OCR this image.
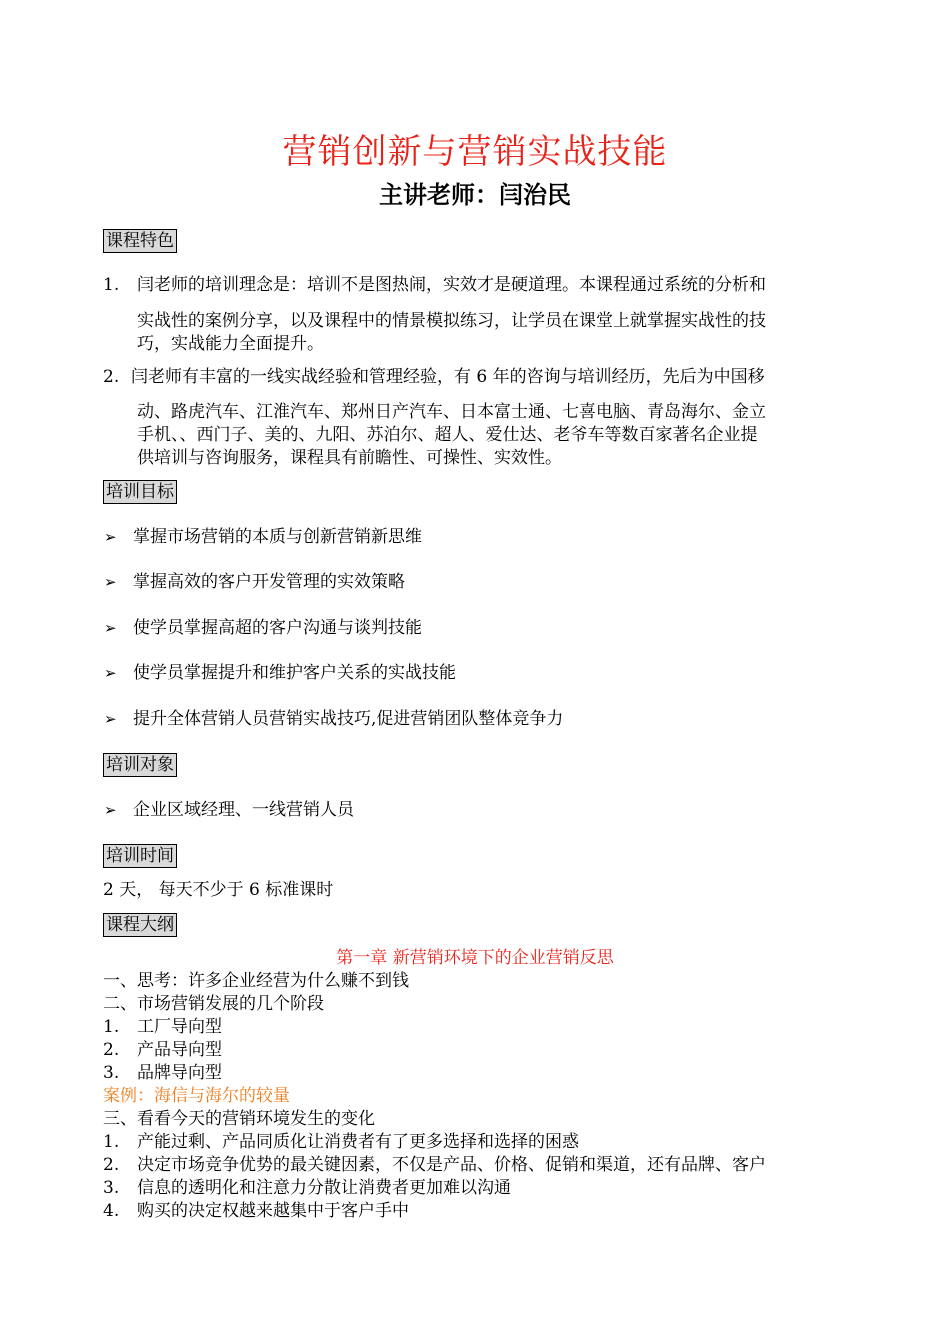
营销创新与营销实战技能
主讲老师：闫治民
课程特色
1. 闫老师的培训理念是：培训不是图热闹，实效才是硬道理。本课程通过系统的分析和
实战性的案例分享，以及课程中的情景模拟练习，让学员在课堂上就掌握实战性的技
巧，实战能力全面提升。
2. 闫老师有丰富的一线实战经验和管理经验，有 6 年的咨询与培训经历，先后为中国移
动、路虎汽车、江淮汽车、郑州日产汽车、日本富士通、七喜电脑、青岛海尔、金立
手机、、西门子、美的、九阳、苏泊尔、超人、爱仕达、老爷车等数百家著名企业提
供培训与咨询服务，课程具有前瞻性、可操性、实效性。
培训目标
➢ 掌握市场营销的本质与创新营销新思维
➢ 掌握高效的客户开发管理的实效策略
➢ 使学员掌握高超的客户沟通与谈判技能
➢ 使学员掌握提升和维护客户关系的实战技能
➢ 提升全体营销人员营销实战技巧,促进营销团队整体竞争力
培训对象
➢ 企业区域经理、一线营销人员
培训时间
2 天， 每天不少于 6 标准课时
课程大纲
第一章 新营销环境下的企业营销反思
一、思考：许多企业经营为什么赚不到钱
二、市场营销发展的几个阶段
1. 工厂导向型
2. 产品导向型
3. 品牌导向型
案例：海信与海尔的较量
三、看看今天的营销环境发生的变化
1. 产能过剩、产品同质化让消费者有了更多选择和选择的困惑
2. 决定市场竞争优势的最关键因素，不仅是产品、价格、促销和渠道，还有品牌、客户
3. 信息的透明化和注意力分散让消费者更加难以沟通
4. 购买的决定权越来越集中于客户手中
